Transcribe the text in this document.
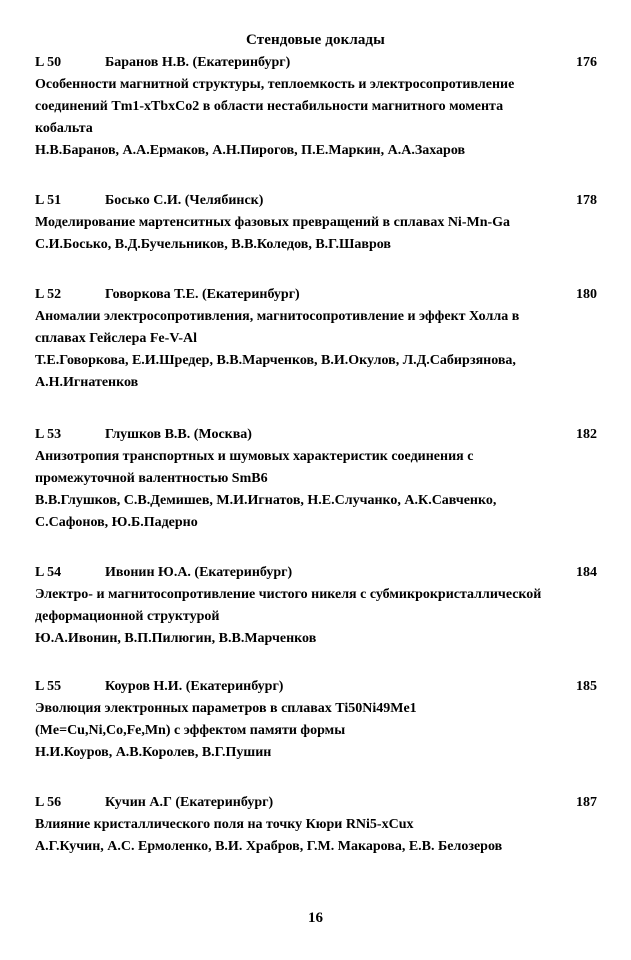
Стендовые доклады
L 50	Баранов Н.В. (Екатеринбург)	176
Особенности магнитной структуры, теплоемкость и электросопротивление
соединений Tm1-xTbxCo2 в области нестабильности магнитного момента
кобальта
Н.В.Баранов, А.А.Ермаков, А.Н.Пирогов, П.Е.Маркин, А.А.Захаров
L 51	Босько С.И. (Челябинск)	178
Моделирование мартенситных фазовых превращений в сплавах Ni-Mn-Ga
С.И.Босько, В.Д.Бучельников, В.В.Коледов, В.Г.Шавров
L 52	Говоркова Т.Е. (Екатеринбург)	180
Аномалии электросопротивления, магнитосопротивление и эффект Холла в
сплавах Гейслера Fe-V-Al
Т.Е.Говоркова, Е.И.Шредер, В.В.Марченков, В.И.Окулов, Л.Д.Сабирзянова,
А.Н.Игнатенков
L 53	Глушков В.В. (Москва)	182
Анизотропия транспортных и шумовых характеристик соединения с
промежуточной валентностью SmB6
В.В.Глушков, С.В.Демишев, М.И.Игнатов, Н.Е.Случанко, А.К.Савченко,
С.Сафонов, Ю.Б.Падерно
L 54	Ивонин Ю.А. (Екатеринбург)	184
Электро- и магнитосопротивление чистого никеля с субмикрокристаллической
деформационной структурой
Ю.А.Ивонин, В.П.Пилюгин, В.В.Марченков
L 55	Коуров Н.И. (Екатеринбург)	185
Эволюция электронных параметров в сплавах Ti50Ni49Me1
(Me=Cu,Ni,Co,Fe,Mn) с эффектом памяти формы
Н.И.Коуров, А.В.Королев, В.Г.Пушин
L 56	Кучин А.Г (Екатеринбург)	187
Влияние кристаллического поля на точку Кюри RNi5-xCux
А.Г.Кучин, А.С. Ермоленко, В.И. Храбров, Г.М. Макарова, Е.В. Белозеров
16
